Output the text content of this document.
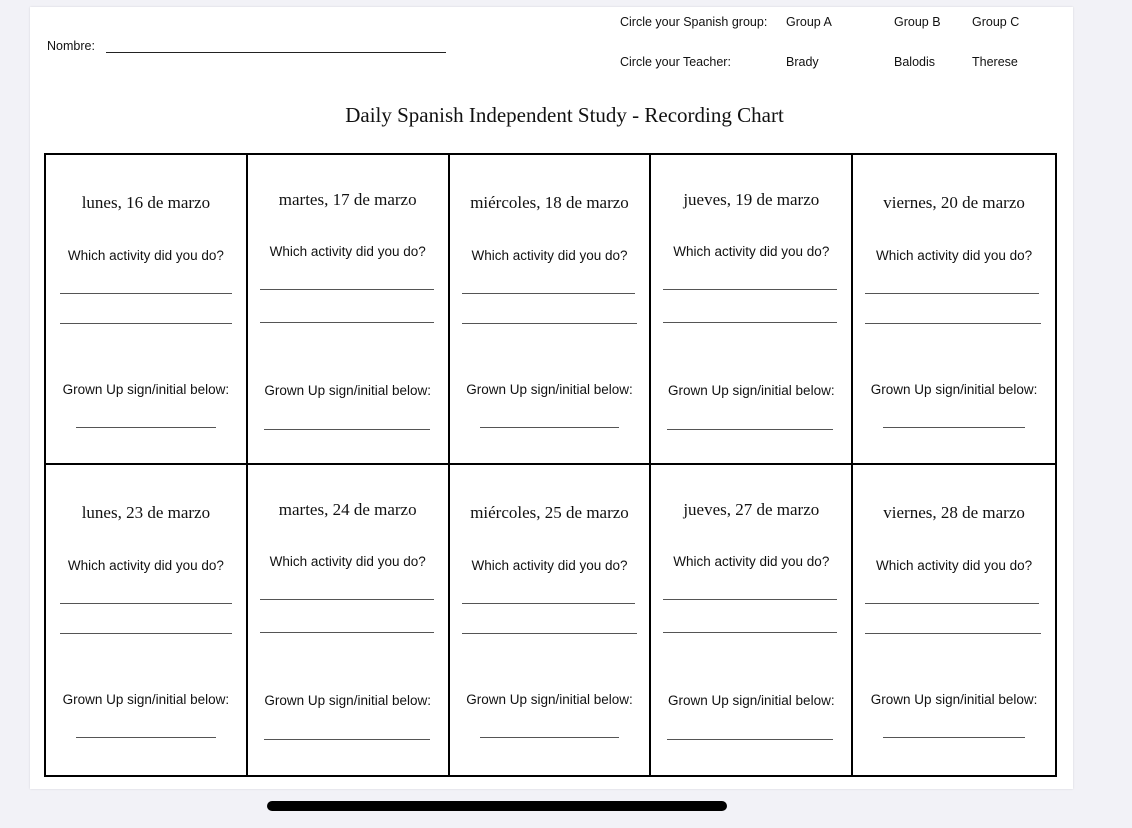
Nombre:
Circle your Spanish group: Group A	Group B	Group C
Circle your Teacher:	Brady	Balodis	Therese
Daily Spanish Independent Study - Recording Chart
lunes, 16 de marzo
Which activity did you do?
Grown Up sign/initial below:
martes, 17 de marzo
Which activity did you do?
Grown Up sign/initial below:
miércoles, 18 de marzo
Which activity did you do?
Grown Up sign/initial below:
jueves, 19 de marzo
Which activity did you do?
Grown Up sign/initial below:
viernes, 20 de marzo
Which activity did you do?
Grown Up sign/initial below:
lunes, 23 de marzo
Which activity did you do?
Grown Up sign/initial below:
martes, 24 de marzo
Which activity did you do?
Grown Up sign/initial below:
miércoles, 25 de marzo
Which activity did you do?
Grown Up sign/initial below:
jueves, 27 de marzo
Which activity did you do?
Grown Up sign/initial below:
viernes, 28 de marzo
Which activity did you do?
Grown Up sign/initial below:
